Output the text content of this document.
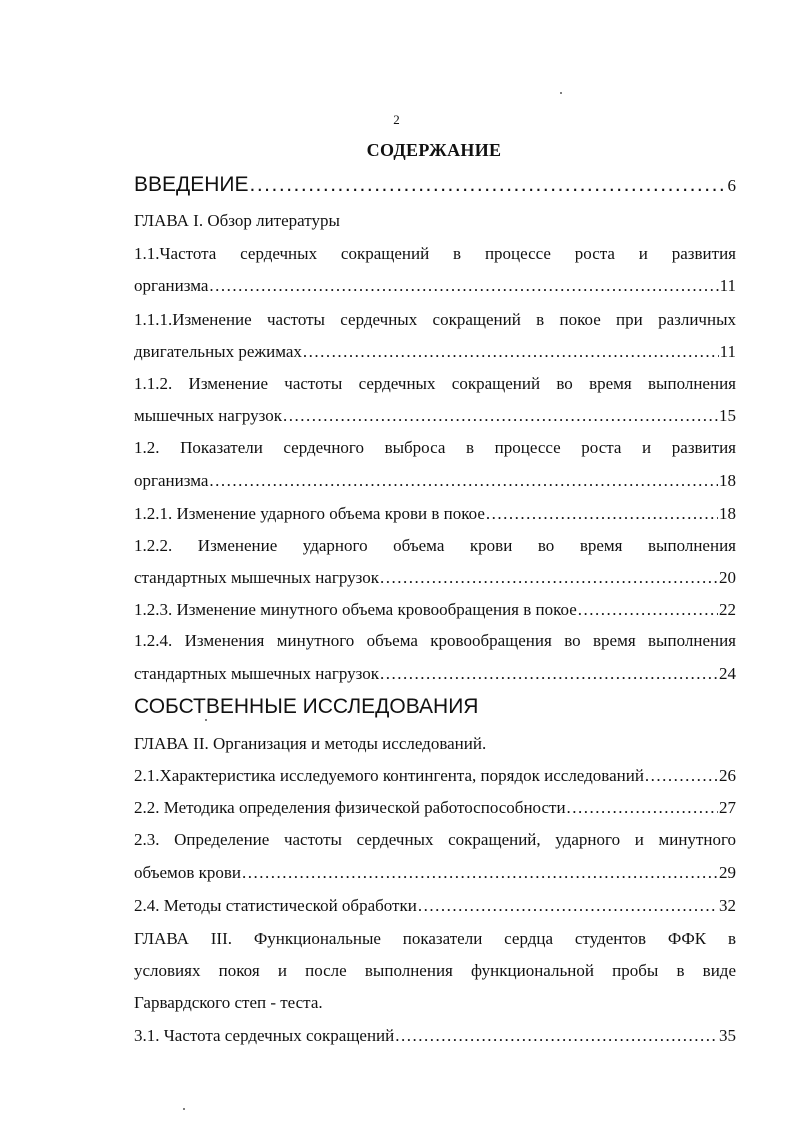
2
СОДЕРЖАНИЕ
ВВЕДЕНИЕ .....	6
ГЛАВА I. Обзор литературы
1.1.Частота сердечных сокращений в процессе роста и развития
организма .....	11
1.1.1.Изменение частоты сердечных сокращений в покое при различных
двигательных режимах .....	11
1.1.2. Изменение частоты сердечных сокращений во время выполнения
мышечных нагрузок .....	15
1.2. Показатели сердечного выброса в процессе роста и развития
организма .....	18
1.2.1. Изменение ударного объема крови в покое .....	18
1.2.2. Изменение ударного объема крови во время выполнения
стандартных мышечных нагрузок .....	20
1.2.3. Изменение минутного объема кровообращения в покое .....	22
1.2.4. Изменения минутного объема кровообращения во время выполнения
стандартных мышечных нагрузок .....	24
СОБСТВЕННЫЕ ИССЛЕДОВАНИЯ
ГЛАВА II. Организация и методы исследований.
2.1.Характеристика исследуемого контингента, порядок исследований .....	26
2.2. Методика определения физической работоспособности .....	27
2.3. Определение частоты сердечных сокращений, ударного и минутного
объемов крови .....	29
2.4. Методы статистической обработки .....	32
ГЛАВА III. Функциональные показатели сердца студентов ФФК в
условиях покоя и после выполнения функциональной пробы в виде
Гарвардского степ - теста.
3.1. Частота сердечных сокращений .....	35
